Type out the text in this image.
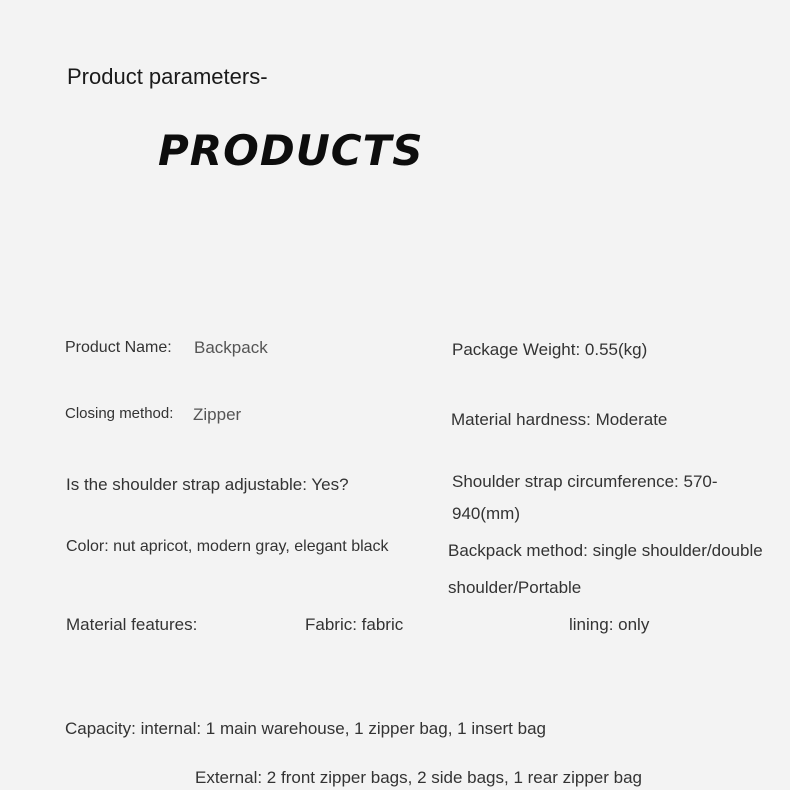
Product parameters-
PRODUCTS
Product Name: Backpack	Package Weight: 0.55(kg)
Closing method: Zipper	Material hardness: Moderate
Is the shoulder strap adjustable: Yes?	Shoulder strap circumference: 570-
940(mm)
Color: nut apricot, modern gray, elegant black	Backpack method: single shoulder/double
shoulder/Portable
Material features:	Fabric: fabric	lining: only
Capacity: internal: 1 main warehouse, 1 zipper bag, 1 insert bag
External: 2 front zipper bags, 2 side bags, 1 rear zipper bag
